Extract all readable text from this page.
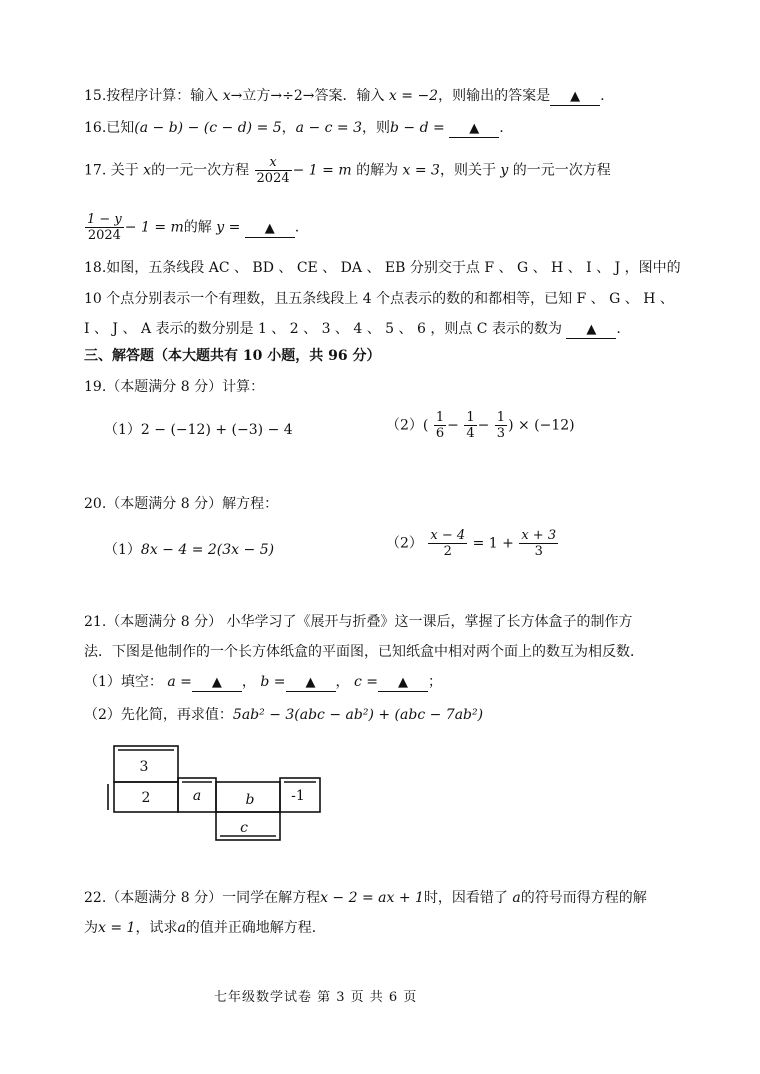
15.按程序计算：输入 x→立方→÷2→答案．输入 x = −2，则输出的答案是 ▲ .
16.已知(a − b) − (c − d) = 5，a − c = 3，则b − d = ▲ .
17. 关于 x的一元一次方程 $\frac{x}{2024} - 1 = m$ 的解为 x = 3，则关于 y 的一元一次方程
$\frac{1 - y}{2024} - 1 = m$的解 y = ▲ .
18.如图，五条线段 AC 、 BD 、 CE 、 DA 、 EB 分别交于点 F 、 G 、 H 、 I 、 J ，图中的
10 个点分别表示一个有理数，且五条线段上 4 个点表示的数的和都相等，已知 F 、 G 、 H 、
I 、 J 、 A 表示的数分别是 1 、 2 、 3 、 4 、 5 、 6 ，则点 C 表示的数为 ▲ .
三、解答题（本大题共有 10 小题，共 96 分）
19.（本题满分 8 分）计算：
（1）2 − (−12) + (−3) − 4	$(2)( \frac{1}{6} - \frac{1}{4} - \frac{1}{3}$ ) × (−12)
20.（本题满分 8 分）解方程：
（1）8x − 4 = 2(3x − 5)	$(2) \frac{x - 4}{2} = 1 + \frac{x + 3}{3}$
21.（本题满分 8 分） 小华学习了《展开与折叠》这一课后，掌握了长方体盒子的制作方
法．下图是他制作的一个长方体纸盒的平面图，已知纸盒中相对两个面上的数互为相反数．
（1）填空： a = ▲ ， b = ▲ ， c = ▲ ；
（2）先化简，再求值：5ab² − 3(abc − ab²) + (abc − 7ab²)
3
2	a	b	-1
c
22.（本题满分 8 分）一同学在解方程x − 2 = ax + 1时，因看错了 a的符号而得方程的解
为x = 1，试求a的值并正确地解方程．
七年级数学试卷 第 3 页 共 6 页
